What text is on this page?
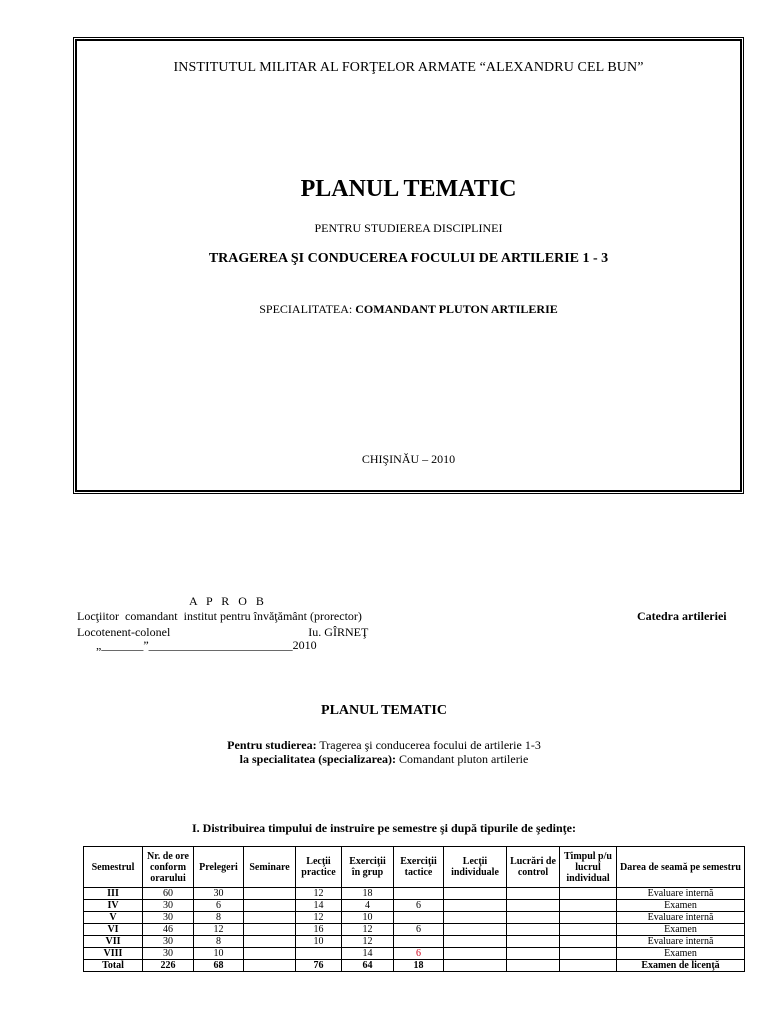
INSTITUTUL MILITAR AL FORŢELOR ARMATE “ALEXANDRU CEL BUN”
PLANUL TEMATIC
PENTRU STUDIEREA DISCIPLINEI
TRAGEREA ŞI CONDUCEREA FOCULUI DE ARTILERIE 1 - 3
SPECIALITATEA: COMANDANT PLUTON ARTILERIE
CHIŞINĂU – 2010
A P R O B
Locţiitor  comandant  institut pentru învăţământ (prorector)
Locotenent-colonel                                              Iu. GÎRNEŢ
„_______”________________________2010
Catedra artileriei
PLANUL TEMATIC
Pentru studierea: Tragerea şi conducerea focului de artilerie 1-3
la specialitatea (specializarea): Comandant pluton artilerie
I. Distribuirea timpului de instruire pe semestre şi după tipurile de şedinţe:
Semestrul	Nr. de ore conform orarului	Prelegeri	Seminare	Lecţii practice	Exerciţii în grup	Exerciţii tactice	Lecţii individuale	Lucrări de control	Timpul p/u lucrul individual	Darea de seamă pe semestru
III	60	30		12	18					Evaluare internă
IV	30	6		14	4	6				Examen
V	30	8		12	10					Evaluare internă
VI	46	12		16	12	6				Examen
VII	30	8		10	12					Evaluare internă
VIII	30	10			14	6				Examen
Total	226	68		76	64	18				Examen de licenţă
